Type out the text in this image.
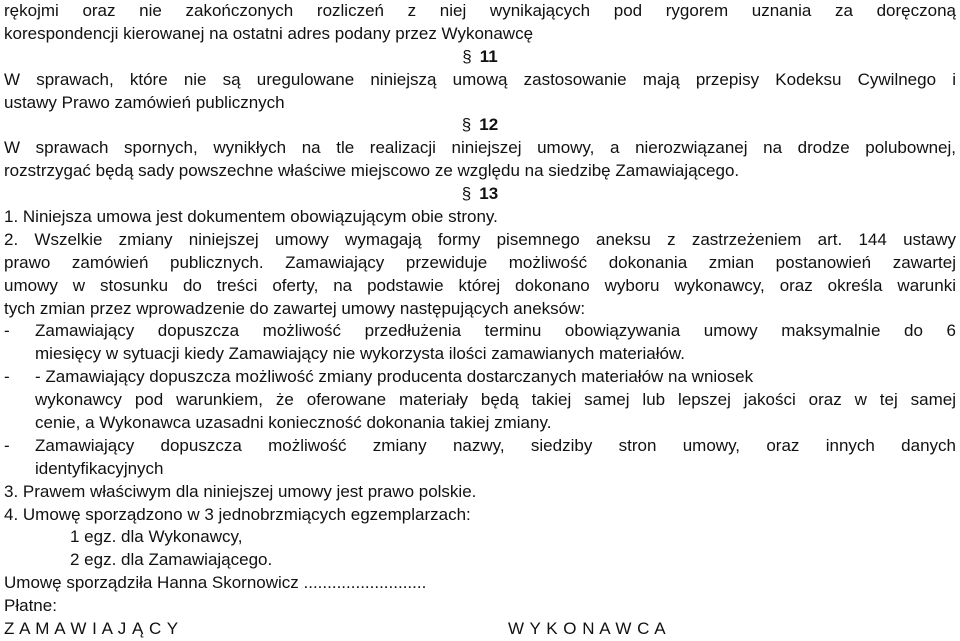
rękojmi oraz nie zakończonych rozliczeń z niej wynikających pod rygorem uznania za doręczoną
korespondencji kierowanej na ostatni adres podany przez Wykonawcę
§ 11
W sprawach, które nie są uregulowane niniejszą umową zastosowanie mają przepisy Kodeksu Cywilnego i
ustawy Prawo zamówień publicznych
§ 12
W sprawach spornych, wynikłych na tle realizacji niniejszej umowy, a nierozwiązanej na drodze polubownej,
rozstrzygać będą sady powszechne właściwe miejscowo ze względu na siedzibę Zamawiającego.
§ 13
1. Niniejsza umowa jest dokumentem obowiązującym obie strony.
2. Wszelkie zmiany niniejszej umowy wymagają formy pisemnego aneksu z zastrzeżeniem art. 144 ustawy
prawo zamówień publicznych. Zamawiający przewiduje możliwość dokonania zmian postanowień zawartej
umowy w stosunku do treści oferty, na podstawie której dokonano wyboru wykonawcy, oraz określa warunki
tych zmian przez wprowadzenie do zawartej umowy następujących aneksów:
- Zamawiający dopuszcza możliwość przedłużenia terminu obowiązywania umowy maksymalnie do 6
miesięcy w sytuacji kiedy Zamawiający nie wykorzysta ilości zamawianych materiałów.
- - Zamawiający dopuszcza możliwość zmiany producenta dostarczanych materiałów na wniosek
wykonawcy pod warunkiem, że oferowane materiały będą takiej samej lub lepszej jakości oraz w tej samej
cenie, a Wykonawca uzasadni konieczność dokonania takiej zmiany.
- Zamawiający dopuszcza możliwość zmiany nazwy, siedziby stron umowy, oraz innych danych
identyfikacyjnych
3. Prawem właściwym dla niniejszej umowy jest prawo polskie.
4. Umowę sporządzono w 3 jednobrzmiących egzemplarzach:
1 egz. dla Wykonawcy,
2 egz. dla Zamawiającego.
Umowę sporządziła Hanna Skornowicz ..........................
Płatne:
Z A M A W I A J Ą C Y	W Y K O N A W C A
